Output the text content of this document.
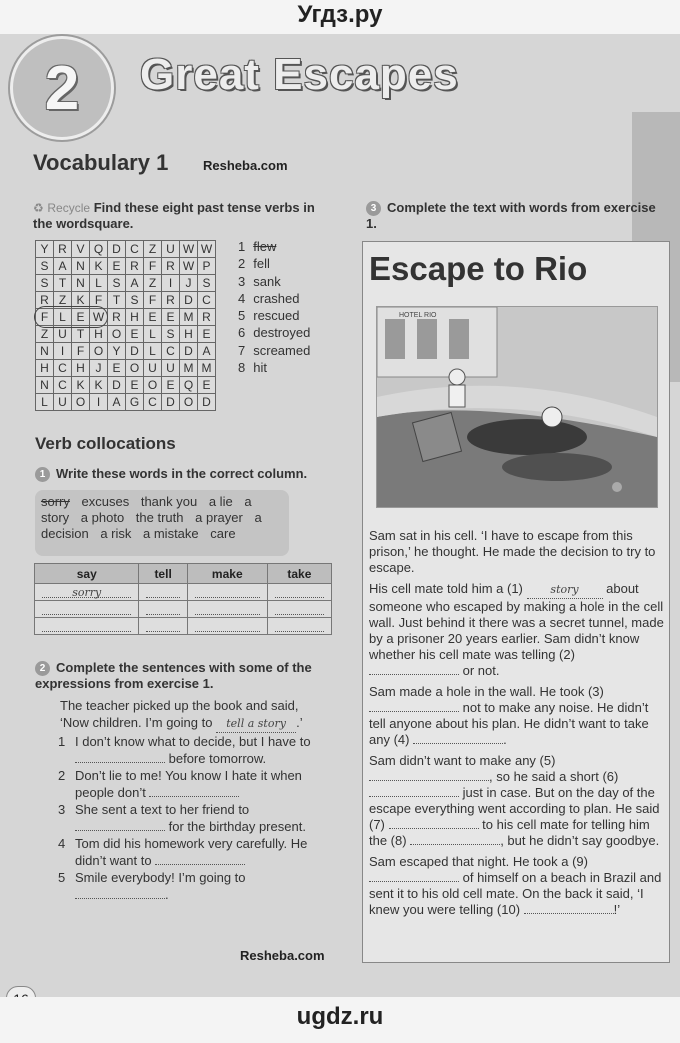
Угдз.ру
2 Great Escapes
Vocabulary 1	Resheba.com
♻ Recycle Find these eight past tense verbs in the wordsquare.
Y	R	V	Q	D	C	Z	U	W	W
S	A	N	K	E	R	F	R	W	P
S	T	N	L	S	A	Z	I	J	S
R	Z	K	F	T	S	F	R	D	C
F	L	E	W	R	H	E	E	M	R
Z	U	T	H	O	E	L	S	H	E
N	I	F	O	Y	D	L	C	D	A
H	C	H	J	E	O	U	U	M	M
N	C	K	K	D	E	O	E	Q	E
L	U	O	I	A	G	C	D	O	D
1 flew
2 fell
3 sank
4 crashed
5 rescued
6 destroyed
7 screamed
8 hit
Verb collocations
1 Write these words in the correct column.
sorry excuses thank you a lie a story a photo the truth a prayer a decision a risk a mistake care
say	tell	make	take

sorry			

2 Complete the sentences with some of the expressions from exercise 1.
The teacher picked up the book and said,
‘Now children. I’m going to tell a story .’
1 I don’t know what to decide, but I have to
before tomorrow.
2 Don’t lie to me! You know I hate it when
people don’t
3 She sent a text to her friend to
for the birthday present.
4 Tom did his homework very carefully. He
didn’t want to
5 Smile everybody! I’m going to
.
Resheba.com
3 Complete the text with words from exercise 1.
Escape to Rio
HOTEL RIO

Sam sat in his cell. ‘I have to escape from this prison,’ he thought. He made the decision to try to escape.

His cell mate told him a (1)	story about someone who escaped by making a hole in the cell wall. Just behind it there was a secret tunnel, made by a prisoner 20 years earlier. Sam didn’t know whether his cell mate was telling (2)  or not.

Sam made a hole in the wall. He took (3)  not to make any noise. He didn’t tell anyone about his plan. He didn’t want to take any (4)	.

Sam didn’t want to make any (5) , so he said a short (6)  just in case. But on the day of the escape everything went according to plan. He said (7)	to his cell mate for telling him the (8)	, but he didn’t say goodbye.

Sam escaped that night. He took a (9)  of himself on a beach in Brazil and sent it to his old cell mate. On the back it said, ‘I knew you were telling (10)	!’

ugdz.ru
